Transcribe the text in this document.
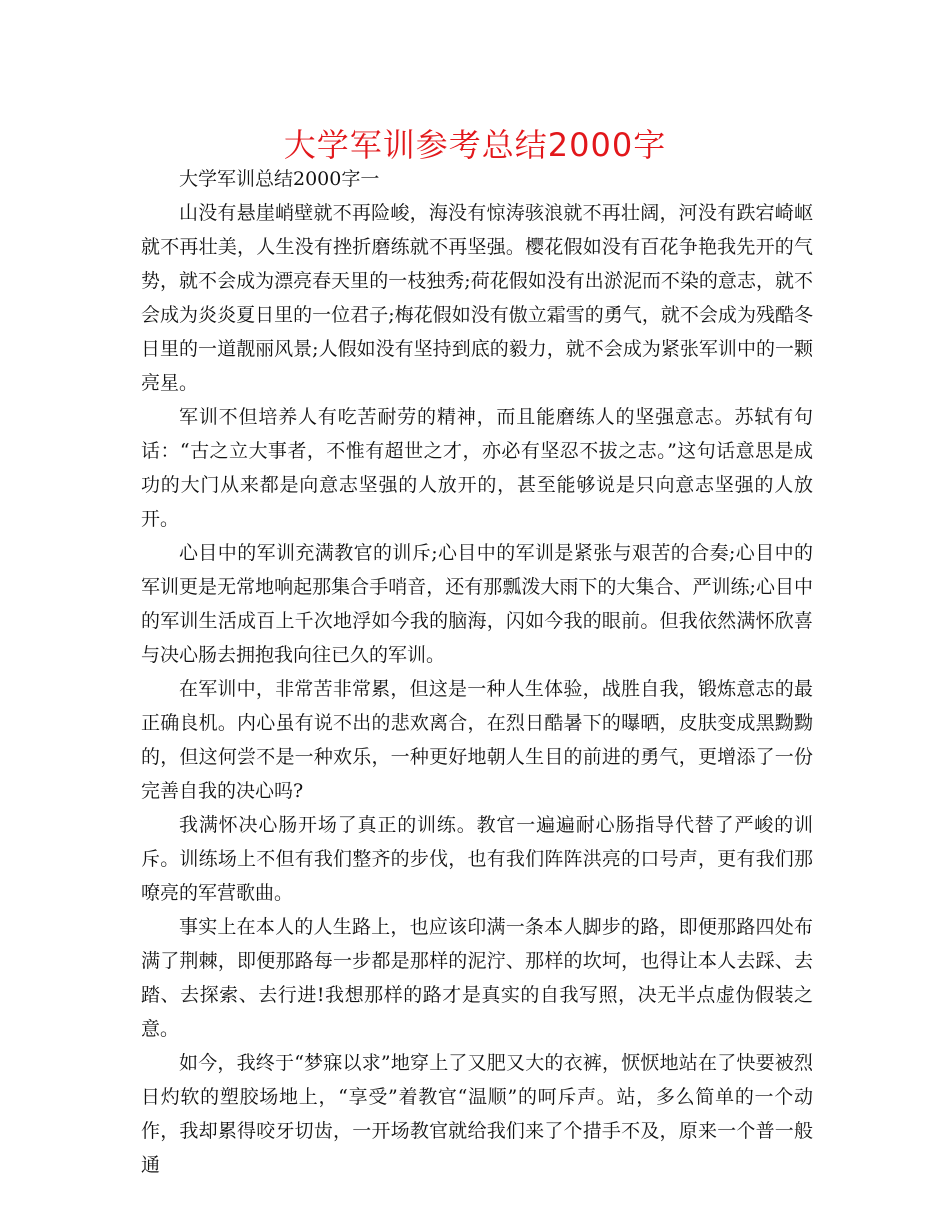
大学军训参考总结2000字

大学军训总结2000字一

山没有悬崖峭壁就不再险峻，海没有惊涛骇浪就不再壮阔，河没有跌宕崎岖就不再壮美，人生没有挫折磨练就不再坚强。樱花假如没有百花争艳我先开的气势，就不会成为漂亮春天里的一枝独秀;荷花假如没有出淤泥而不染的意志，就不会成为炎炎夏日里的一位君子;梅花假如没有傲立霜雪的勇气，就不会成为残酷冬日里的一道靓丽风景;人假如没有坚持到底的毅力，就不会成为紧张军训中的一颗亮星。

军训不但培养人有吃苦耐劳的精神，而且能磨练人的坚强意志。苏轼有句话：“古之立大事者，不惟有超世之才，亦必有坚忍不拔之志。”这句话意思是成功的大门从来都是向意志坚强的人放开的，甚至能够说是只向意志坚强的人放开。

心目中的军训充满教官的训斥;心目中的军训是紧张与艰苦的合奏;心目中的军训更是无常地响起那集合手哨音，还有那瓢泼大雨下的大集合、严训练;心目中的军训生活成百上千次地浮如今我的脑海，闪如今我的眼前。但我依然满怀欣喜与决心肠去拥抱我向往已久的军训。

在军训中，非常苦非常累，但这是一种人生体验，战胜自我，锻炼意志的最正确良机。内心虽有说不出的悲欢离合，在烈日酷暑下的曝晒，皮肤变成黑黝黝的，但这何尝不是一种欢乐，一种更好地朝人生目的前进的勇气，更增添了一份完善自我的决心吗?

我满怀决心肠开场了真正的训练。教官一遍遍耐心肠指导代替了严峻的训斥。训练场上不但有我们整齐的步伐，也有我们阵阵洪亮的口号声，更有我们那嘹亮的军营歌曲。

事实上在本人的人生路上，也应该印满一条本人脚步的路，即便那路四处布满了荆棘，即便那路每一步都是那样的泥泞、那样的坎坷，也得让本人去踩、去踏、去探索、去行进!我想那样的路才是真实的自我写照，决无半点虚伪假装之意。

如今，我终于“梦寐以求”地穿上了又肥又大的衣裤，恹恹地站在了快要被烈日灼软的塑胶场地上，“享受”着教官“温顺”的呵斥声。站，多么简单的一个动作，我却累得咬牙切齿，一开场教官就给我们来了个措手不及，原来一个普一般通
